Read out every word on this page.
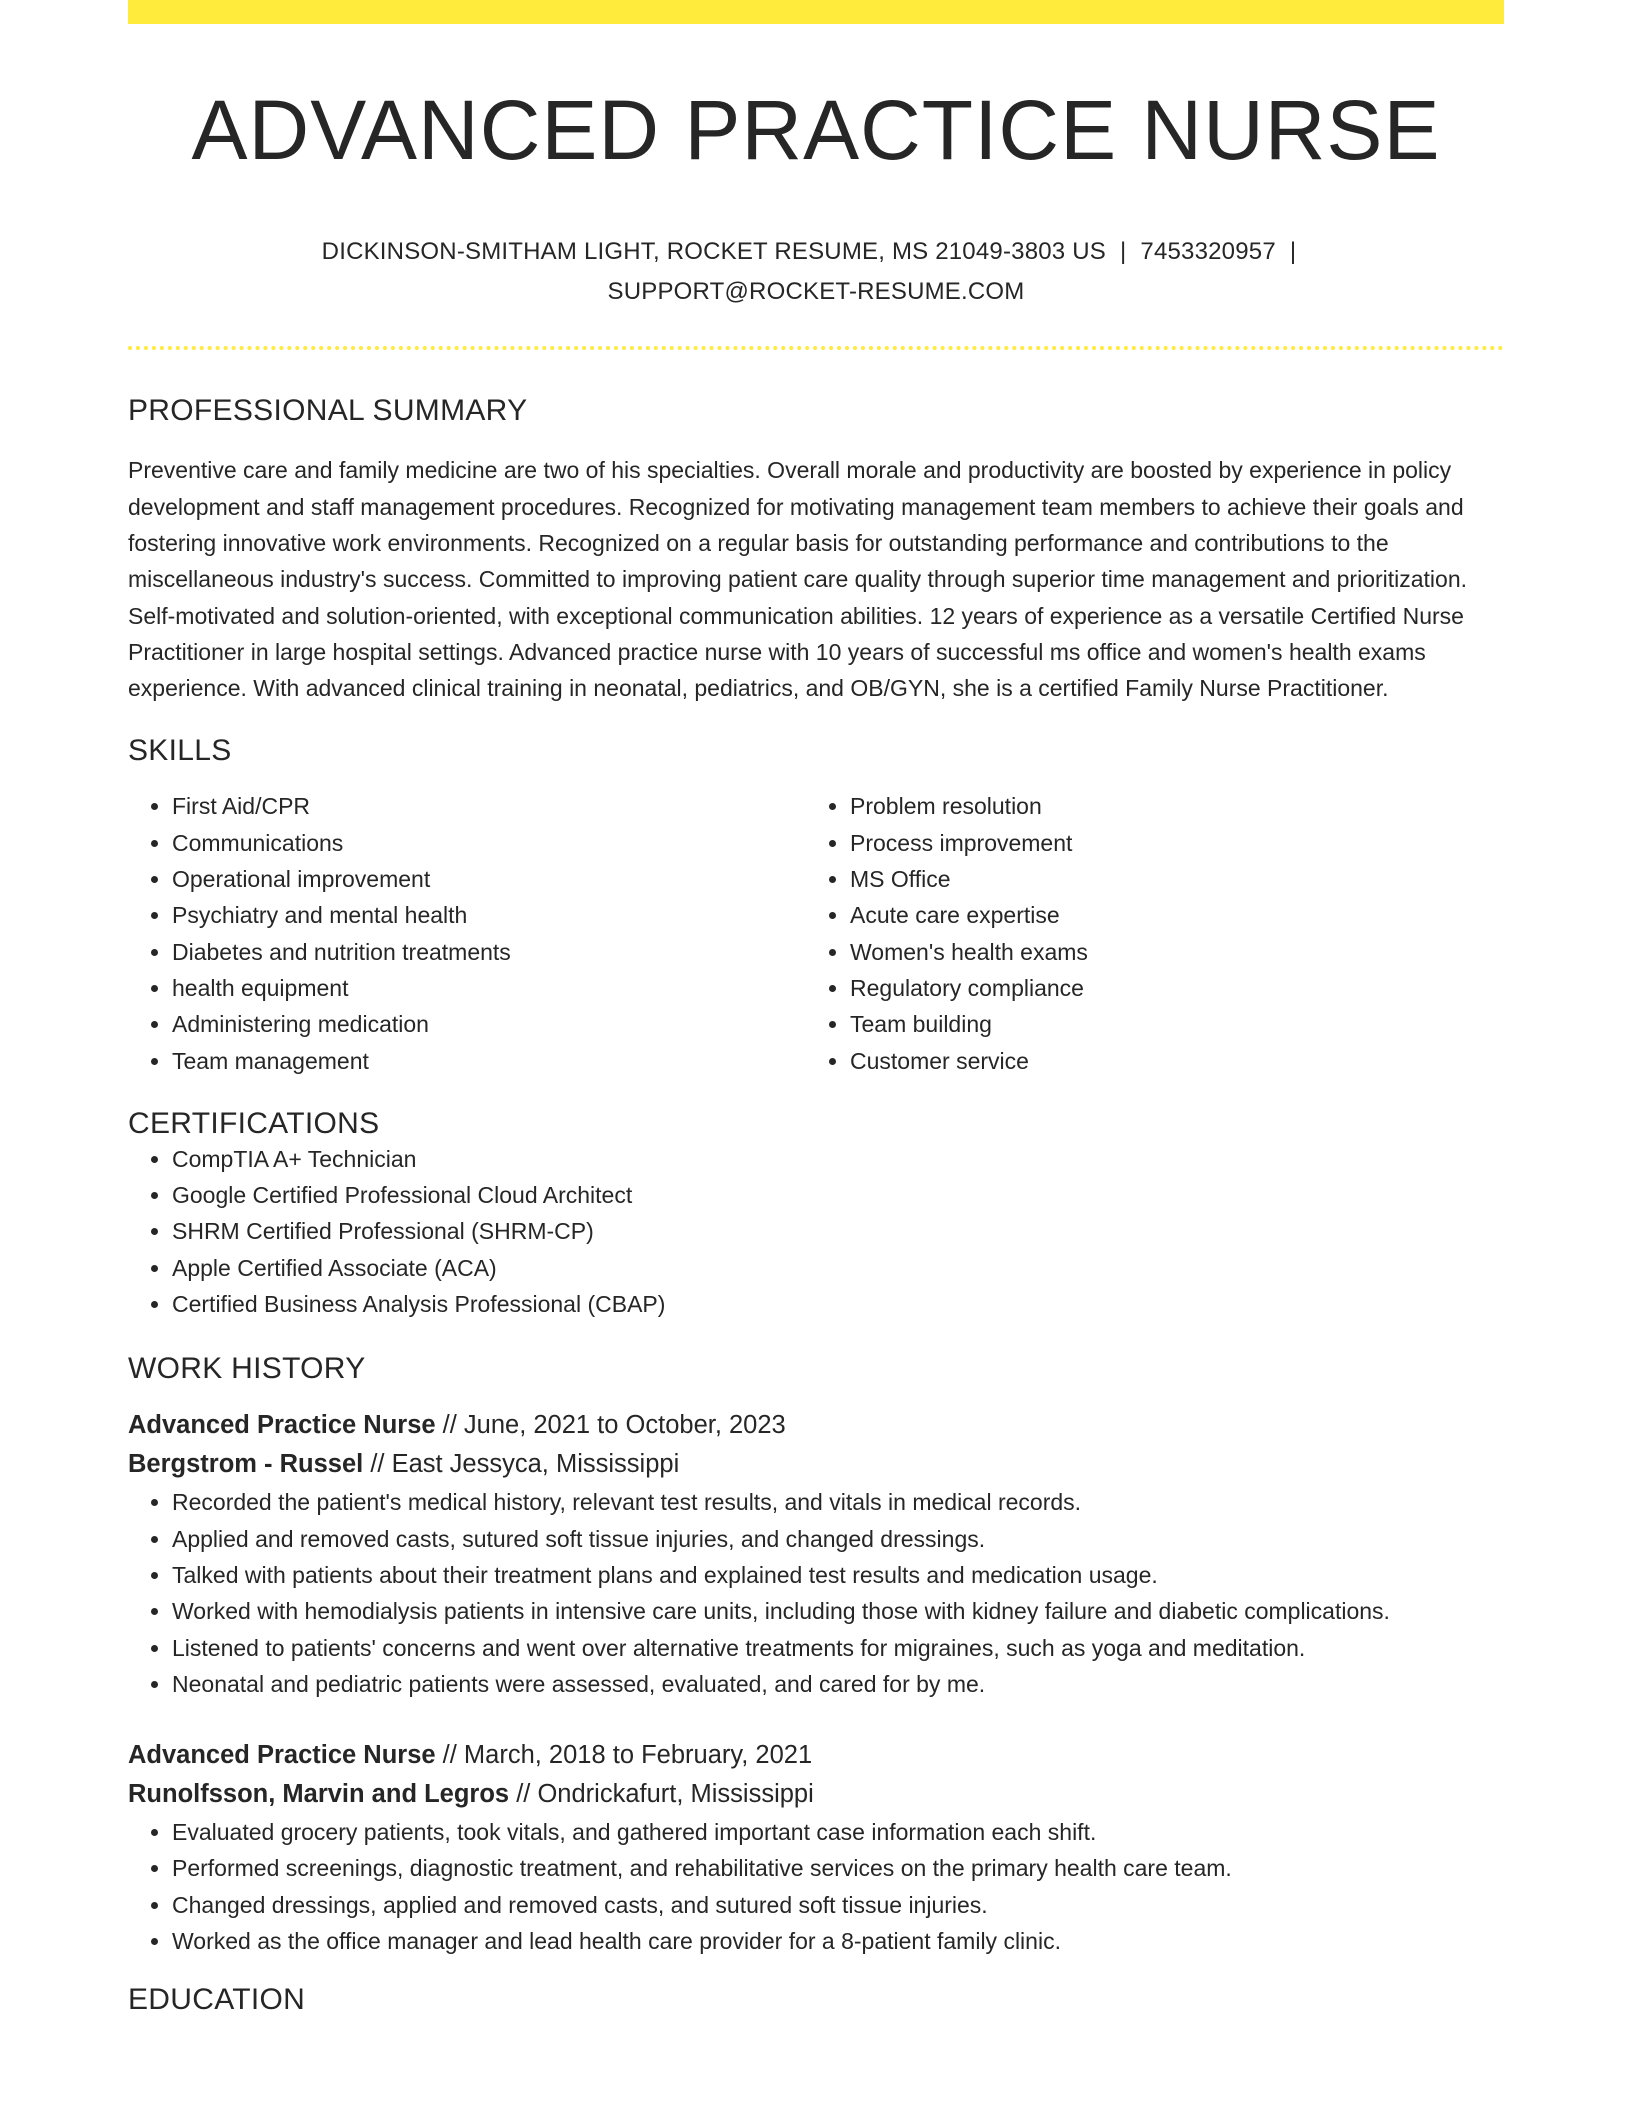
ADVANCED PRACTICE NURSE
DICKINSON-SMITHAM LIGHT, ROCKET RESUME, MS 21049-3803 US | 7453320957 |
SUPPORT@ROCKET-RESUME.COM
PROFESSIONAL SUMMARY

Preventive care and family medicine are two of his specialties. Overall morale and productivity are boosted by experience in policy development and staff management procedures. Recognized for motivating management team members to achieve their goals and fostering innovative work environments. Recognized on a regular basis for outstanding performance and contributions to the miscellaneous industry's success. Committed to improving patient care quality through superior time management and prioritization. Self-motivated and solution-oriented, with exceptional communication abilities. 12 years of experience as a versatile Certified Nurse Practitioner in large hospital settings. Advanced practice nurse with 10 years of successful ms office and women's health exams experience. With advanced clinical training in neonatal, pediatrics, and OB/GYN, she is a certified Family Nurse Practitioner.

SKILLS
• First Aid/CPR
• Communications
• Operational improvement
• Psychiatry and mental health
• Diabetes and nutrition treatments
• health equipment
• Administering medication
• Team management
• Problem resolution
• Process improvement
• MS Office
• Acute care expertise
• Women's health exams
• Regulatory compliance
• Team building
• Customer service
CERTIFICATIONS
• CompTIA A+ Technician
• Google Certified Professional Cloud Architect
• SHRM Certified Professional (SHRM-CP)
• Apple Certified Associate (ACA)
• Certified Business Analysis Professional (CBAP)
WORK HISTORY
Advanced Practice Nurse // June, 2021 to October, 2023
Bergstrom - Russel // East Jessyca, Mississippi
• Recorded the patient's medical history, relevant test results, and vitals in medical records.
• Applied and removed casts, sutured soft tissue injuries, and changed dressings.
• Talked with patients about their treatment plans and explained test results and medication usage.
• Worked with hemodialysis patients in intensive care units, including those with kidney failure and diabetic complications.
• Listened to patients' concerns and went over alternative treatments for migraines, such as yoga and meditation.
• Neonatal and pediatric patients were assessed, evaluated, and cared for by me.
Advanced Practice Nurse // March, 2018 to February, 2021
Runolfsson, Marvin and Legros // Ondrickafurt, Mississippi
• Evaluated grocery patients, took vitals, and gathered important case information each shift.
• Performed screenings, diagnostic treatment, and rehabilitative services on the primary health care team.
• Changed dressings, applied and removed casts, and sutured soft tissue injuries.
• Worked as the office manager and lead health care provider for a 8-patient family clinic.
EDUCATION
